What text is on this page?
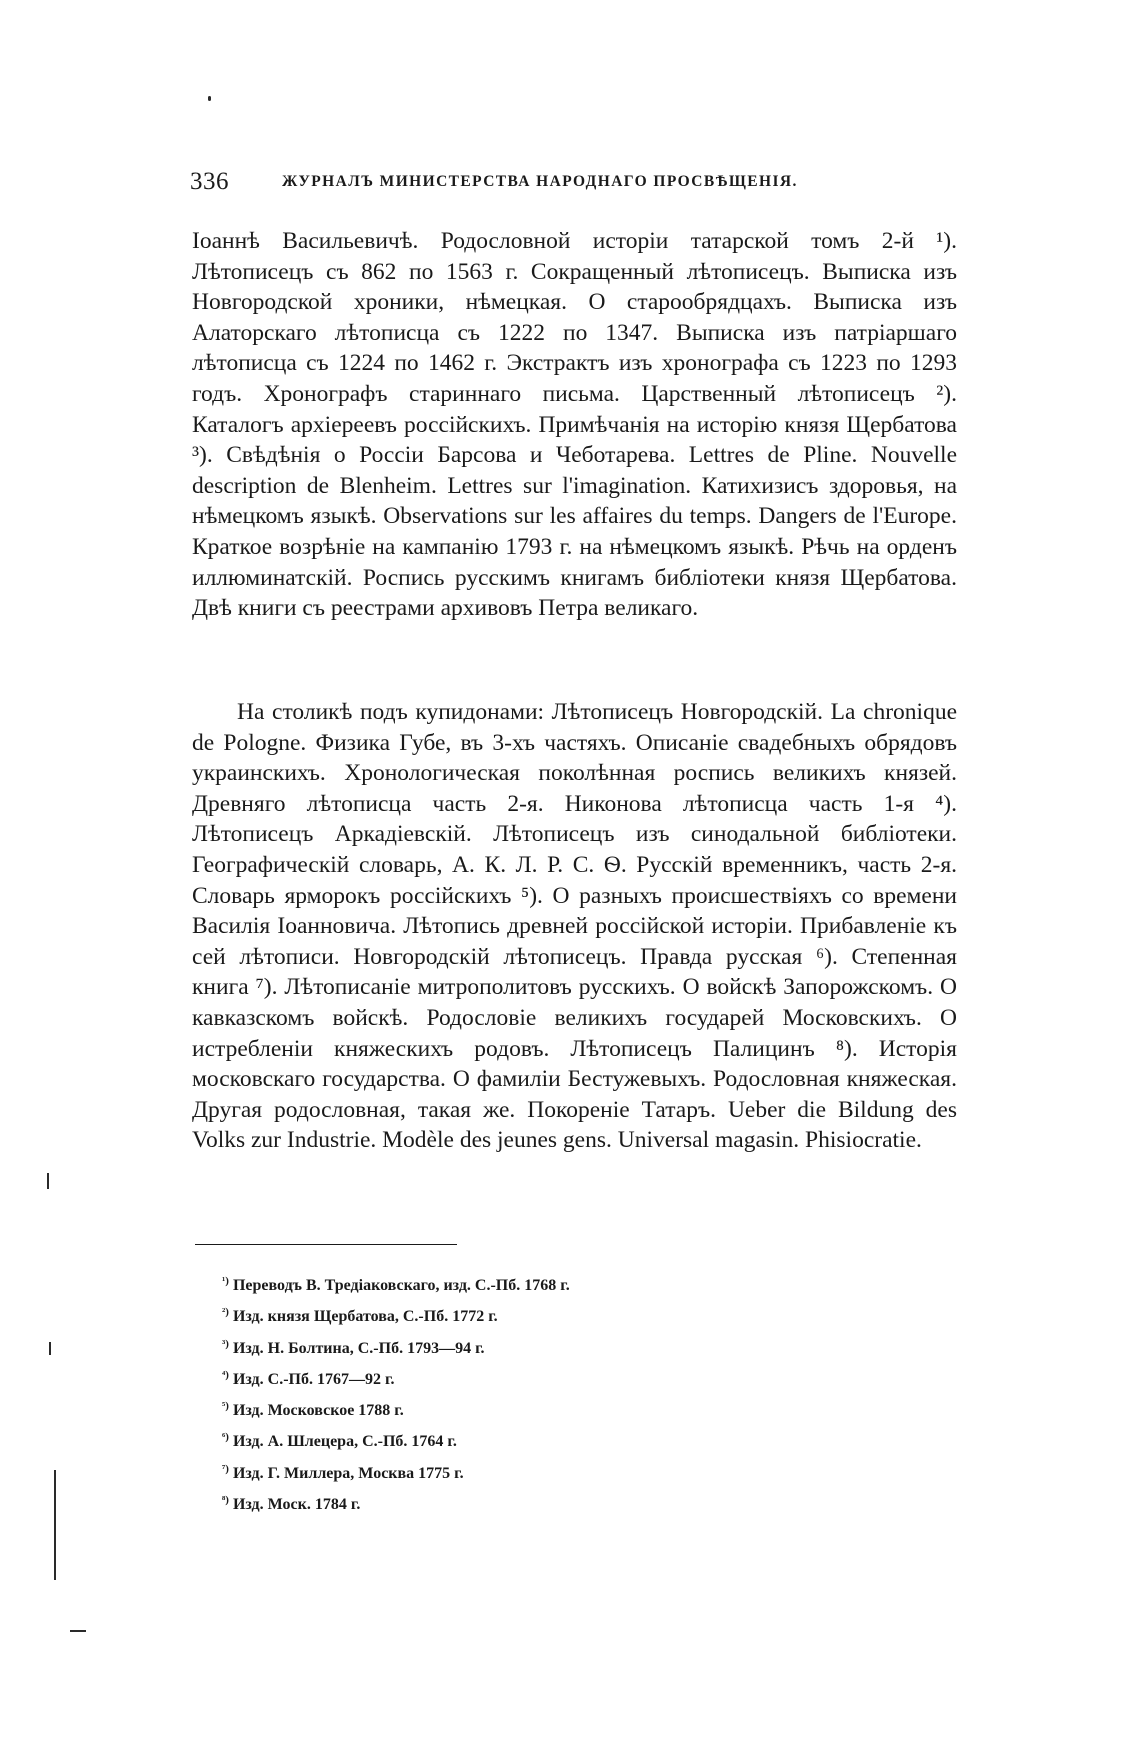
336	ЖУРНАЛЪ МИНИСТЕРСТВА НАРОДНАГО ПРОСВѢЩЕНІЯ.

Іоаннѣ Васильевичѣ. Родословной исторіи татарской томъ 2-й ¹). Лѣтописецъ съ 862 по 1563 г. Сокращенный лѣтописецъ. Выписка изъ Новгородской хроники, нѣмецкая. О старообрядцахъ. Выписка изъ Алаторскаго лѣтописца съ 1222 по 1347. Выписка изъ патріаршаго лѣтописца съ 1224 по 1462 г. Экстрактъ изъ хронографа съ 1223 по 1293 годъ. Хронографъ стариннаго письма. Царственный лѣтописецъ ²). Каталогъ архіереевъ россійскихъ. Примѣчанія на исторію князя Щербатова ³). Свѣдѣнія о Россіи Барсова и Чеботарева. Lettres de Pline. Nouvelle description de Blenheim. Lettres sur l'imagination. Катихизисъ здоровья, на нѣмецкомъ языкѣ. Observations sur les affaires du temps. Dangers de l'Europe. Краткое возрѣніе на кампанію 1793 г. на нѣмецкомъ языкѣ. Рѣчь на орденъ иллюминатскій. Роспись русскимъ книгамъ библіотеки князя Щербатова. Двѣ книги съ реестрами архивовъ Петра великаго.

На столикѣ подъ купидонами: Лѣтописецъ Новгородскій. La chronique de Pologne. Физика Губе, въ 3-хъ частяхъ. Описаніе свадебныхъ обрядовъ украинскихъ. Хронологическая поколѣнная роспись великихъ князей. Древняго лѣтописца часть 2-я. Никонова лѣтописца часть 1-я ⁴). Лѣтописецъ Аркадіевскій. Лѣтописецъ изъ синодальной библіотеки. Географическій словарь, А. К. Л. Р. С. Ѳ. Русскій временникъ, часть 2-я. Словарь ярморокъ россійскихъ ⁵). О разныхъ происшествіяхъ со времени Василія Іоанновича. Лѣтопись древней россійской исторіи. Прибавленіе къ сей лѣтописи. Новгородскій лѣтописецъ. Правда русская ⁶). Степенная книга ⁷). Лѣтописаніе митрополитовъ русскихъ. О войскѣ Запорожскомъ. О кавказскомъ войскѣ. Родословіе великихъ государей Московскихъ. О истребленіи княжескихъ родовъ. Лѣтописецъ Палицинъ ⁸). Исторія московскаго государства. О фамиліи Бестужевыхъ. Родословная княжеская. Другая родословная, такая же. Покореніе Татаръ. Ueber die Bildung des Volks zur Industrie. Modèle des jeunes gens. Universal magasin. Phisiocratie.

$^{^1)}$ Переводъ В. Тредіаковскаго, изд. С.-Пб. 1768 г.
$^{^2)}$ Изд. князя Щербатова, С.-Пб. 1772 г.
$^{^3)}$ Изд. Н. Болтина, С.-Пб. 1793—94 г.
$^{^4)}$ Изд. С.-Пб. 1767—92 г.
$^{^5)}$ Изд. Московское 1788 г.
$^{^6)}$ Изд. А. Шлецера, С.-Пб. 1764 г.
$^{^7)}$ Изд. Г. Миллера, Москва 1775 г.
$^{^8)}$ Изд. Моск. 1784 г.
